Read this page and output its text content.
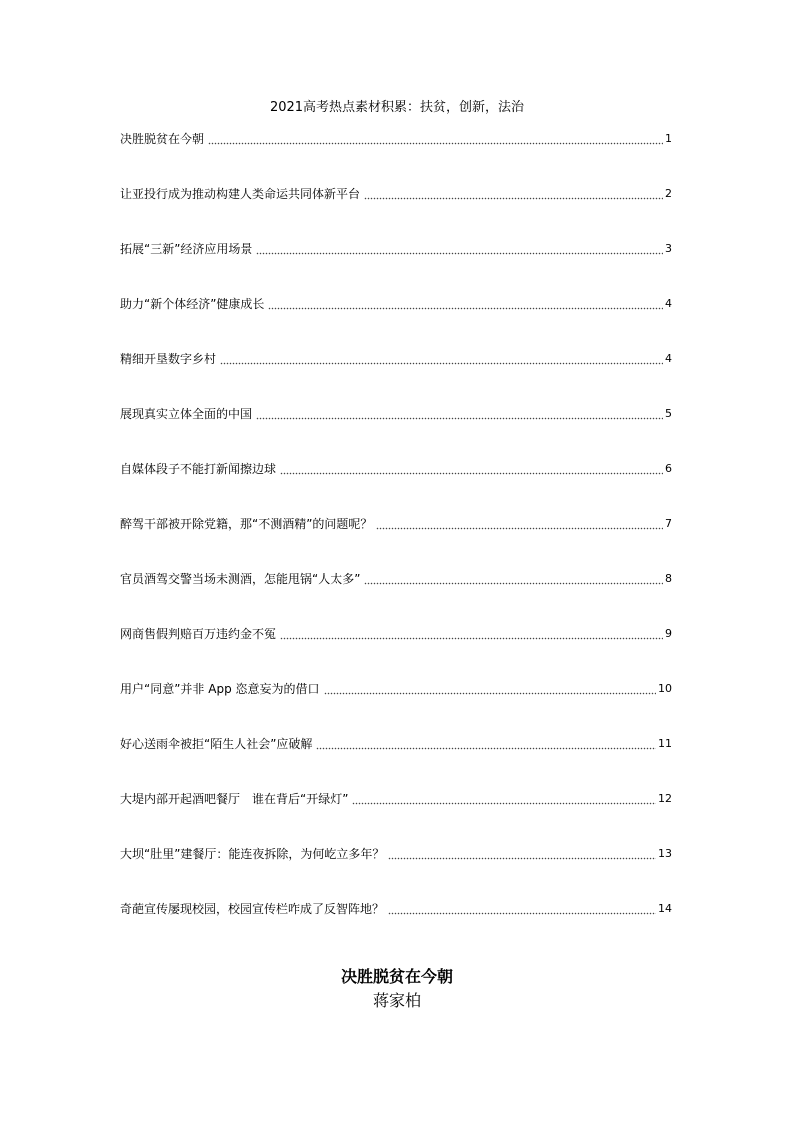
2021高考热点素材积累：扶贫，创新，法治
决胜脱贫在今朝	1
让亚投行成为推动构建人类命运共同体新平台	2
拓展“三新”经济应用场景	3
助力“新个体经济”健康成长	4
精细开垦数字乡村	4
展现真实立体全面的中国	5
自媒体段子不能打新闻擦边球	6
醉驾干部被开除党籍，那“不测酒精”的问题呢？	7
官员酒驾交警当场未测酒，怎能甩锅“人太多”	8
网商售假判赔百万违约金不冤	9
用户“同意”并非 App 恣意妄为的借口	10
好心送雨伞被拒“陌生人社会”应破解	11
大堤内部开起酒吧餐厅　谁在背后“开绿灯”	12
大坝“肚里”建餐厅：能连夜拆除，为何屹立多年？	13
奇葩宣传屡现校园，校园宣传栏咋成了反智阵地？	14
决胜脱贫在今朝
蒋家柏
